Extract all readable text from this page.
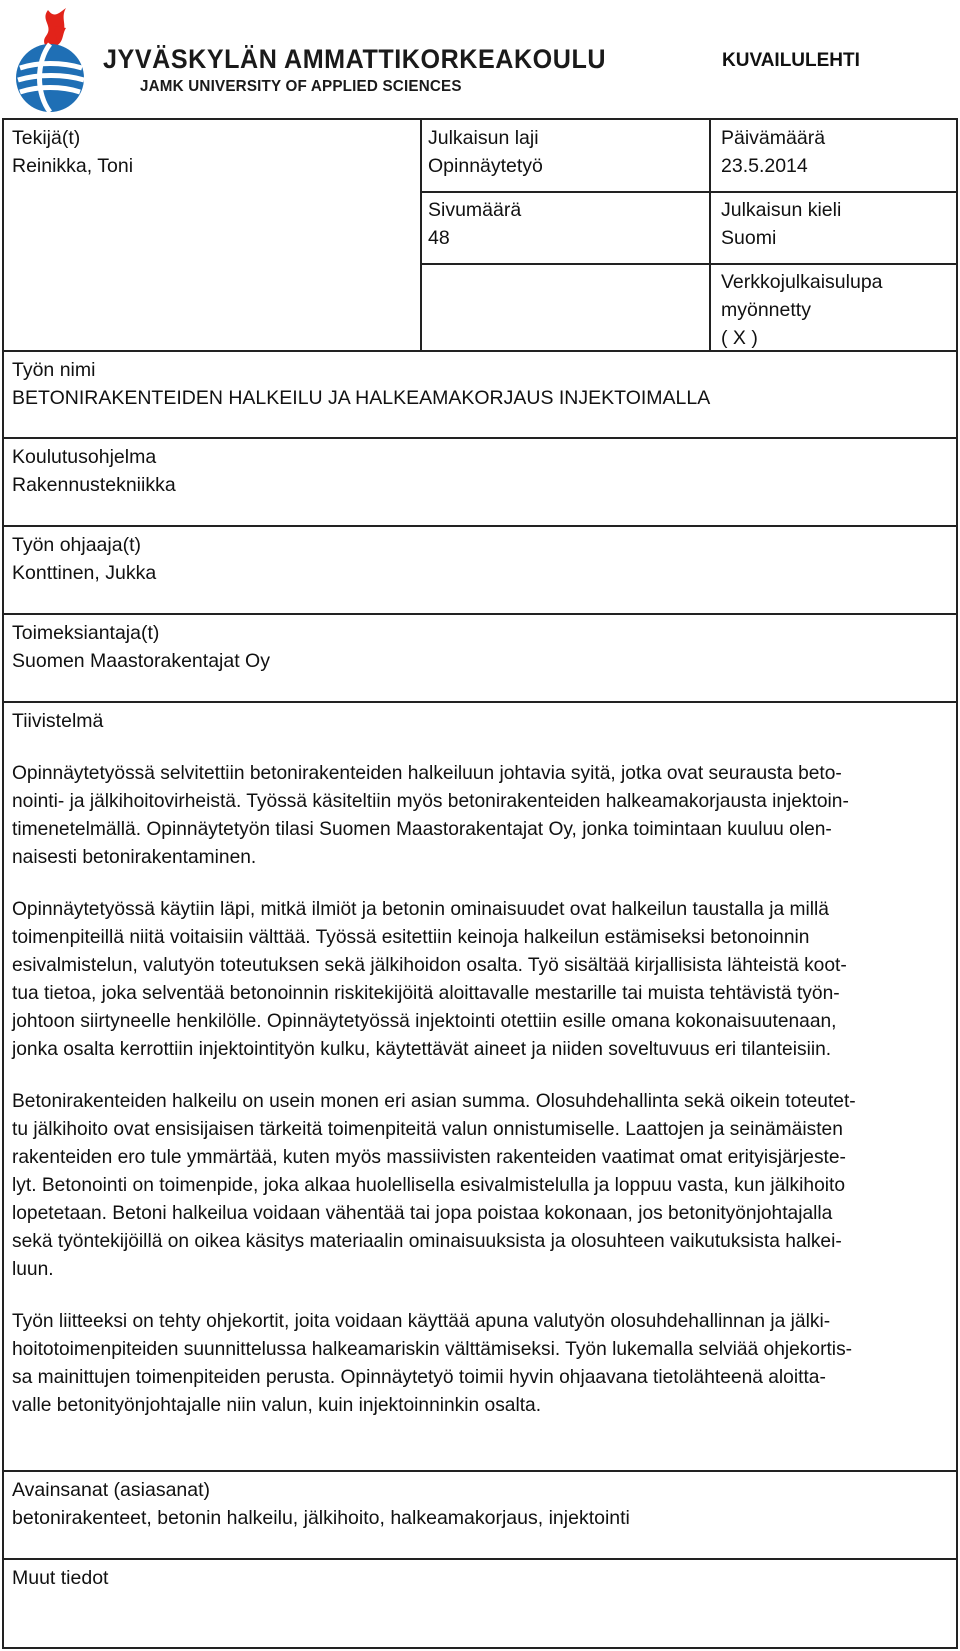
JYVÄSKYLÄN AMMATTIKORKEAKOULU
JAMK UNIVERSITY OF APPLIED SCIENCES
KUVAILULEHTI
Tekijä(t)
Reinikka, Toni
Julkaisun laji
Opinnäytetyö
Päivämäärä
23.5.2014
Sivumäärä
48
Julkaisun kieli
Suomi
Verkkojulkaisulupa
myönnetty
( X )
Työn nimi
BETONIRAKENTEIDEN HALKEILU JA HALKEAMAKORJAUS INJEKTOIMALLA
Koulutusohjelma
Rakennustekniikka
Työn ohjaaja(t)
Konttinen, Jukka
Toimeksiantaja(t)
Suomen Maastorakentajat Oy
Tiivistelmä

Opinnäytetyössä selvitettiin betonirakenteiden halkeiluun johtavia syitä, jotka ovat seurausta beto-
nointi- ja jälkihoitovirheistä. Työssä käsiteltiin myös betonirakenteiden halkeamakorjausta injektoin-
timenetelmällä. Opinnäytetyön tilasi Suomen Maastorakentajat Oy, jonka toimintaan kuuluu olen-
naisesti betonirakentaminen.

Opinnäytetyössä käytiin läpi, mitkä ilmiöt ja betonin ominaisuudet ovat halkeilun taustalla ja millä
toimenpiteillä niitä voitaisiin välttää. Työssä esitettiin keinoja halkeilun estämiseksi betonoinnin
esivalmistelun, valutyön toteutuksen sekä jälkihoidon osalta. Työ sisältää kirjallisista lähteistä koot-
tua tietoa, joka selventää betonoinnin riskitekijöitä aloittavalle mestarille tai muista tehtävistä työn-
johtoon siirtyneelle henkilölle. Opinnäytetyössä injektointi otettiin esille omana kokonaisuutenaan,
jonka osalta kerrottiin injektointityön kulku, käytettävät aineet ja niiden soveltuvuus eri tilanteisiin.

Betonirakenteiden halkeilu on usein monen eri asian summa. Olosuhdehallinta sekä oikein toteutet-
tu jälkihoito ovat ensisijaisen tärkeitä toimenpiteitä valun onnistumiselle. Laattojen ja seinämäisten
rakenteiden ero tule ymmärtää, kuten myös massiivisten rakenteiden vaatimat omat erityisjärjeste-
lyt. Betonointi on toimenpide, joka alkaa huolellisella esivalmistelulla ja loppuu vasta, kun jälkihoito
lopetetaan. Betoni halkeilua voidaan vähentää tai jopa poistaa kokonaan, jos betonityönjohtajalla
sekä työntekijöillä on oikea käsitys materiaalin ominaisuuksista ja olosuhteen vaikutuksista halkei-
luun.

Työn liitteeksi on tehty ohjekortit, joita voidaan käyttää apuna valutyön olosuhdehallinnan ja jälki-
hoitotoimenpiteiden suunnittelussa halkeamariskin välttämiseksi. Työn lukemalla selviää ohjekortis-
sa mainittujen toimenpiteiden perusta. Opinnäytetyö toimii hyvin ohjaavana tietolähteenä aloitta-
valle betonityönjohtajalle niin valun, kuin injektoinninkin osalta.

Avainsanat (asiasanat)
betonirakenteet, betonin halkeilu, jälkihoito, halkeamakorjaus, injektointi
Muut tiedot
